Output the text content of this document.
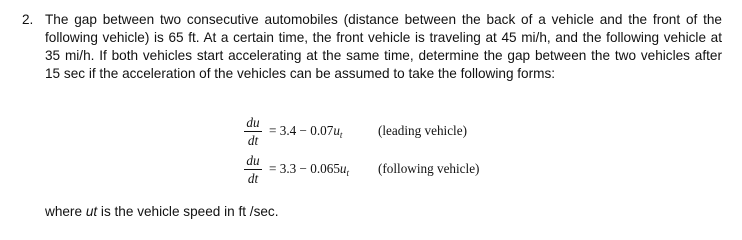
2. The gap between two consecutive automobiles (distance between the back of a vehicle and the front of the following vehicle) is 65 ft. At a certain time, the front vehicle is traveling at 45 mi/h, and the following vehicle at 35 mi/h. If both vehicles start accelerating at the same time, determine the gap between the two vehicles after 15 sec if the acceleration of the vehicles can be assumed to take the following forms:
$\frac{du}{dt} = 3.4 - 0.07u_t$	(leading vehicle)
$\frac{du}{dt} = 3.3 - 0.065u_t$ (following vehicle)
where ut is the vehicle speed in ft /sec.
